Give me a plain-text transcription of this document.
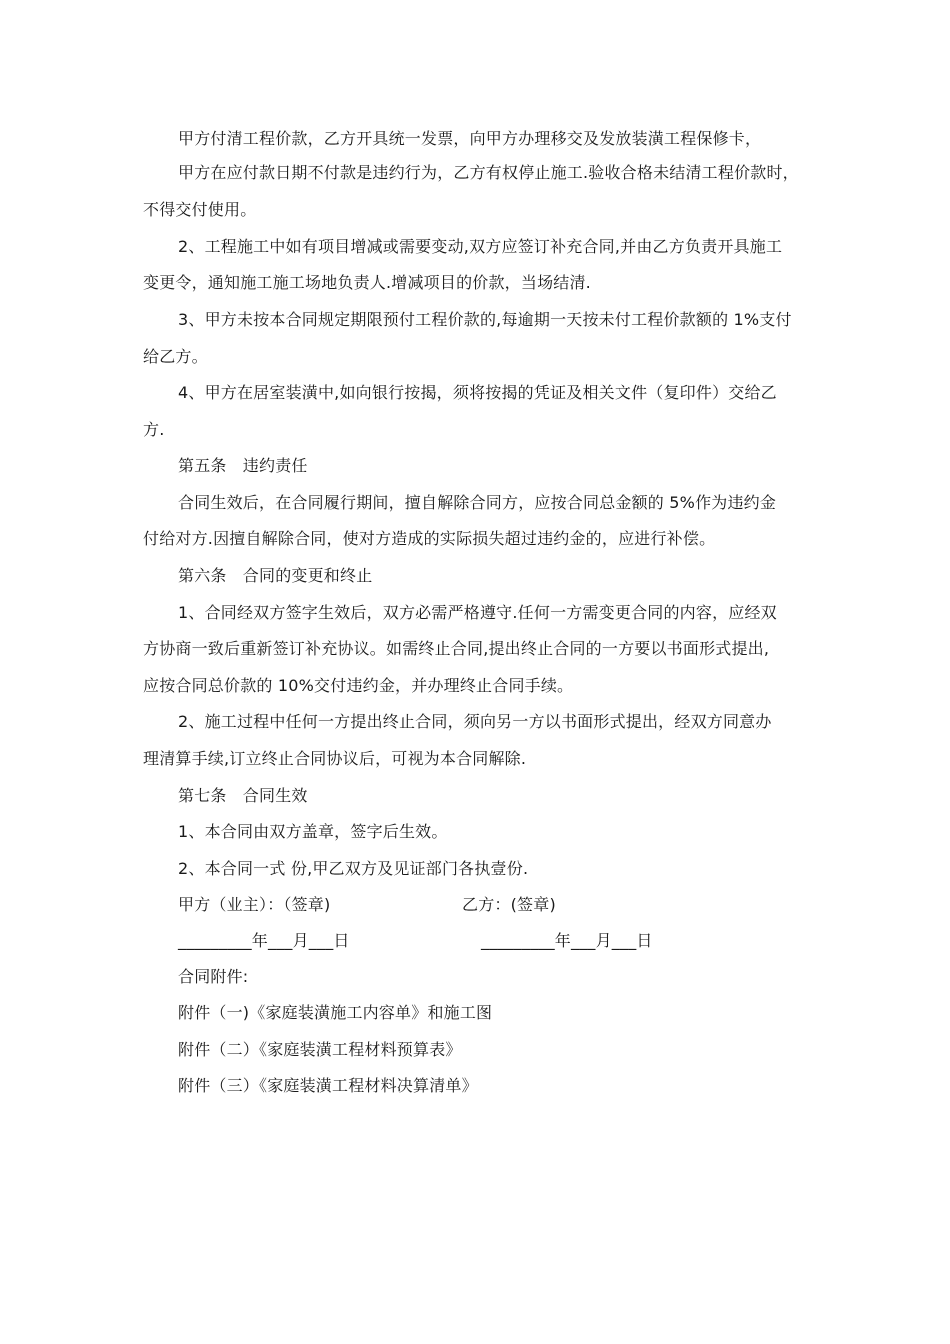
甲方付清工程价款，乙方开具统一发票，向甲方办理移交及发放装潢工程保修卡，
甲方在应付款日期不付款是违约行为，乙方有权停止施工.验收合格未结清工程价款时，
不得交付使用。
2、工程施工中如有项目增减或需要变动,双方应签订补充合同,并由乙方负责开具施工
变更令，通知施工施工场地负责人.增减项目的价款，当场结清.
3、甲方未按本合同规定期限预付工程价款的,每逾期一天按未付工程价款额的 1%支付
给乙方。
4、甲方在居室装潢中,如向银行按揭，须将按揭的凭证及相关文件（复印件）交给乙
方.
第五条　违约责任
合同生效后，在合同履行期间，擅自解除合同方，应按合同总金额的 5%作为违约金
付给对方.因擅自解除合同，使对方造成的实际损失超过违约金的，应进行补偿。
第六条　合同的变更和终止
1、合同经双方签字生效后，双方必需严格遵守.任何一方需变更合同的内容，应经双
方协商一致后重新签订补充协议。如需终止合同,提出终止合同的一方要以书面形式提出,
应按合同总价款的 10%交付违约金，并办理终止合同手续。
2、施工过程中任何一方提出终止合同，须向另一方以书面形式提出，经双方同意办
理清算手续,订立终止合同协议后，可视为本合同解除.
第七条　合同生效
1、本合同由双方盖章，签字后生效。
2、本合同一式 份,甲乙双方及见证部门各执壹份.
甲方（业主）：（签章)	乙方：(签章)
_________年___月___日	_________年___月___日
合同附件:
附件（一)《家庭装潢施工内容单》和施工图
附件（二）《家庭装潢工程材料预算表》
附件（三）《家庭装潢工程材料决算清单》
